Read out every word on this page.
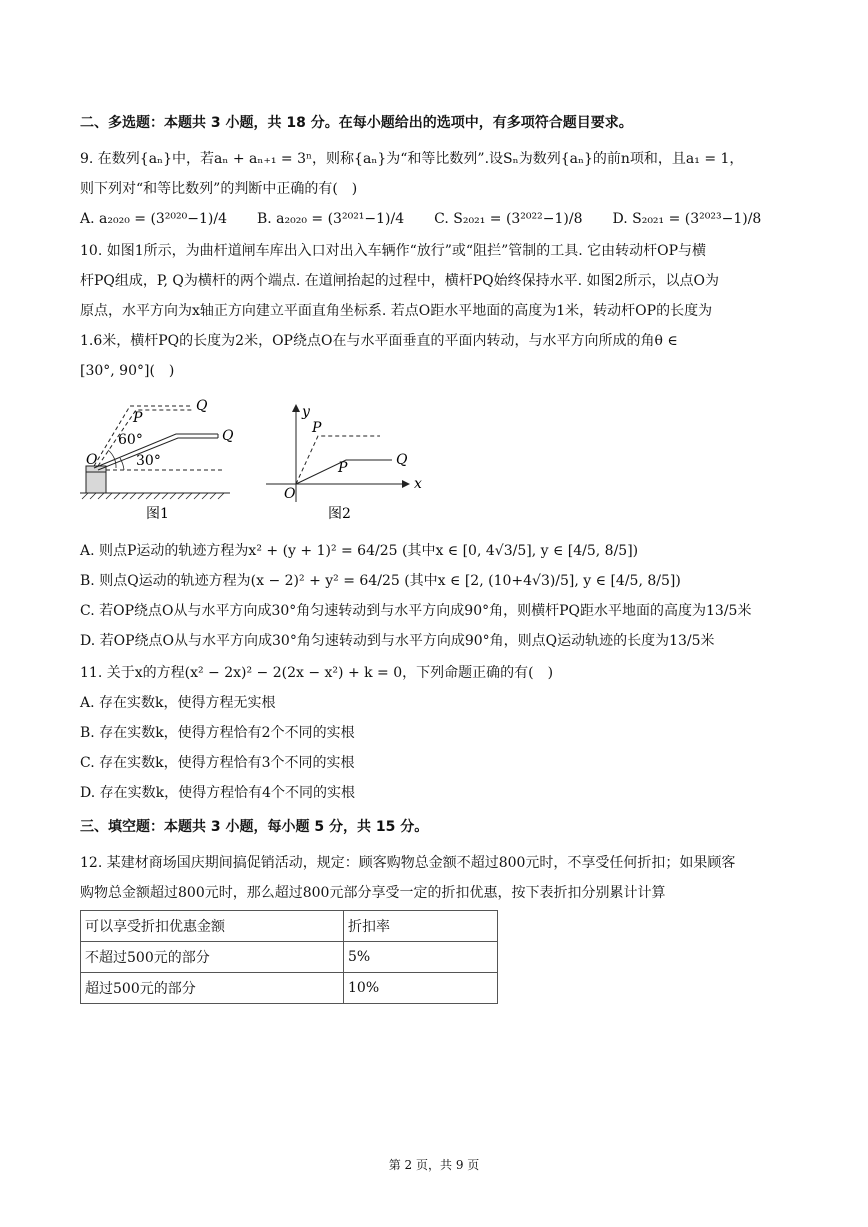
二、多选题：本题共 3 小题，共 18 分。在每小题给出的选项中，有多项符合题目要求。

9. 在数列{aₙ}中，若aₙ + aₙ₊₁ = 3ⁿ，则称{aₙ}为“和等比数列”.设Sₙ为数列{aₙ}的前n项和，且a₁ = 1，

则下列对“和等比数列”的判断中正确的有(　)

A. a₂₀₂₀ = (3²⁰²⁰−1)/4 B. a₂₀₂₀ = (3²⁰²¹−1)/4 C. S₂₀₂₁ = (3²⁰²²−1)/8 D. S₂₀₂₁ = (3²⁰²³−1)/8

10. 如图1所示，为曲杆道闸车库出入口对出入车辆作“放行”或“阻拦”管制的工具. 它由转动杆OP与横

杆PQ组成，P, Q为横杆的两个端点. 在道闸抬起的过程中，横杆PQ始终保持水平. 如图2所示，以点O为

原点，水平方向为x轴正方向建立平面直角坐标系. 若点O距水平地面的高度为1米，转动杆OP的长度为

1.6米，横杆PQ的长度为2米，OP绕点O在与水平面垂直的平面内转动，与水平方向所成的角θ ∈

[30°, 90°](　)

Q
P
Q
60°
O	30°
图1
y
P
P	Q
O
x
图2

A. 则点P运动的轨迹方程为x² + (y + 1)² = 64/25 (其中x ∈ [0, 4√3/5], y ∈ [4/5, 8/5])

B. 则点Q运动的轨迹方程为(x − 2)² + y² = 64/25 (其中x ∈ [2, (10+4√3)/5], y ∈ [4/5, 8/5])

C. 若OP绕点O从与水平方向成30°角匀速转动到与水平方向成90°角，则横杆PQ距水平地面的高度为13/5米

D. 若OP绕点O从与水平方向成30°角匀速转动到与水平方向成90°角，则点Q运动轨迹的长度为13/5米

11. 关于x的方程(x² − 2x)² − 2(2x − x²) + k = 0，下列命题正确的有(　)

A. 存在实数k，使得方程无实根

B. 存在实数k，使得方程恰有2个不同的实根

C. 存在实数k，使得方程恰有3个不同的实根

D. 存在实数k，使得方程恰有4个不同的实根

三、填空题：本题共 3 小题，每小题 5 分，共 15 分。

12. 某建材商场国庆期间搞促销活动，规定：顾客购物总金额不超过800元时，不享受任何折扣；如果顾客

购物总金额超过800元时，那么超过800元部分享受一定的折扣优惠，按下表折扣分别累计计算

可以享受折扣优惠金额	折扣率
不超过500元的部分	5%
超过500元的部分	10%
第 2 页，共 9 页
